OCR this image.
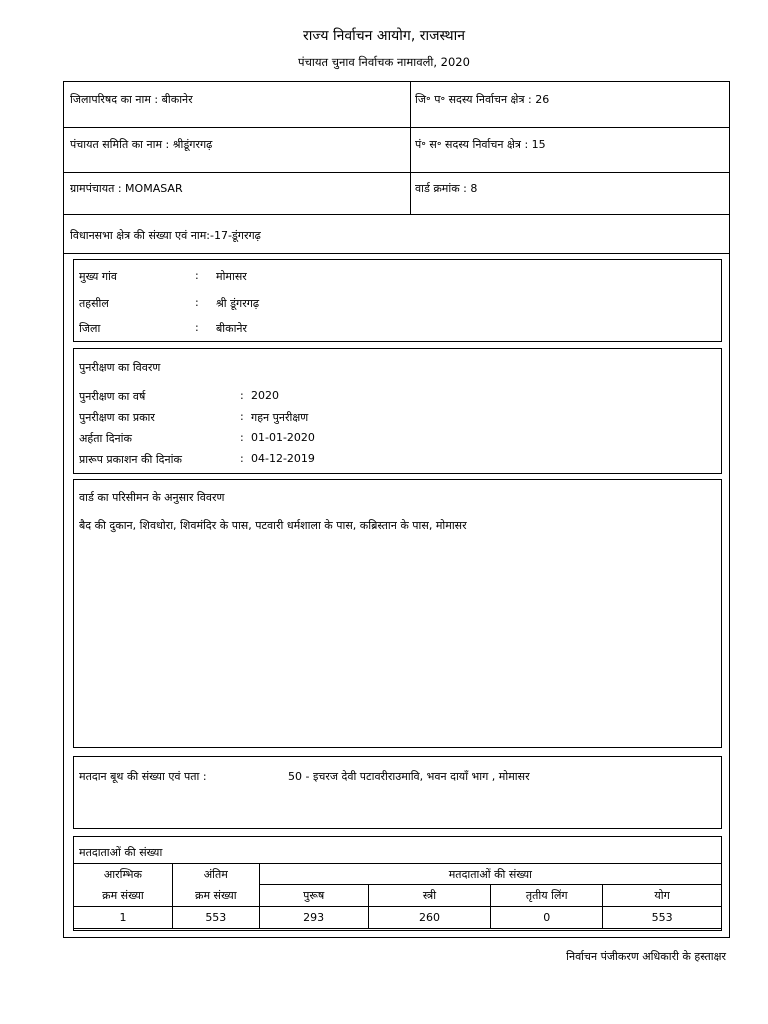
राज्य निर्वाचन आयोग, राजस्थान
पंचायत चुनाव निर्वाचक नामावली, 2020
जिलापरिषद का नाम : बीकानेर	जि॰ प॰ सदस्य निर्वाचन क्षेत्र : 26
पंचायत समिति का नाम : श्रीडूंगरगढ़	पं॰ स॰ सदस्य निर्वाचन क्षेत्र : 15
ग्रामपंचायत : MOMASAR	वार्ड क्रमांक : 8
विधानसभा क्षेत्र की संख्या एवं नाम:-17-डूंगरगढ़
मुख्य गांव	: मोमासर
तहसील	: श्री डूंगरगढ़
जिला	: बीकानेर
पुनरीक्षण का विवरण
पुनरीक्षण का वर्ष	: 2020
पुनरीक्षण का प्रकार	: गहन पुनरीक्षण
अर्हता दिनांक	: 01-01-2020
प्रारूप प्रकाशन की दिनांक	: 04-12-2019
वार्ड का परिसीमन के अनुसार विवरण
बैद की दुकान, शिवधोरा, शिवमंदिर के पास, पटवारी धर्मशाला के पास, कब्रिस्तान के पास, मोमासर
मतदान बूथ की संख्या एवं पता :	50 - इचरज देवी पटावरीराउमावि, भवन दायाँ भाग , मोमासर
मतदाताओं की संख्या
आरम्भिक	अंतिम	मतदाताओं की संख्या			
क्रम संख्या	क्रम संख्या	पुरूष	स्त्री	तृतीय लिंग	योग
1	553	293	260	0	553
निर्वाचन पंजीकरण अधिकारी के हस्ताक्षर
